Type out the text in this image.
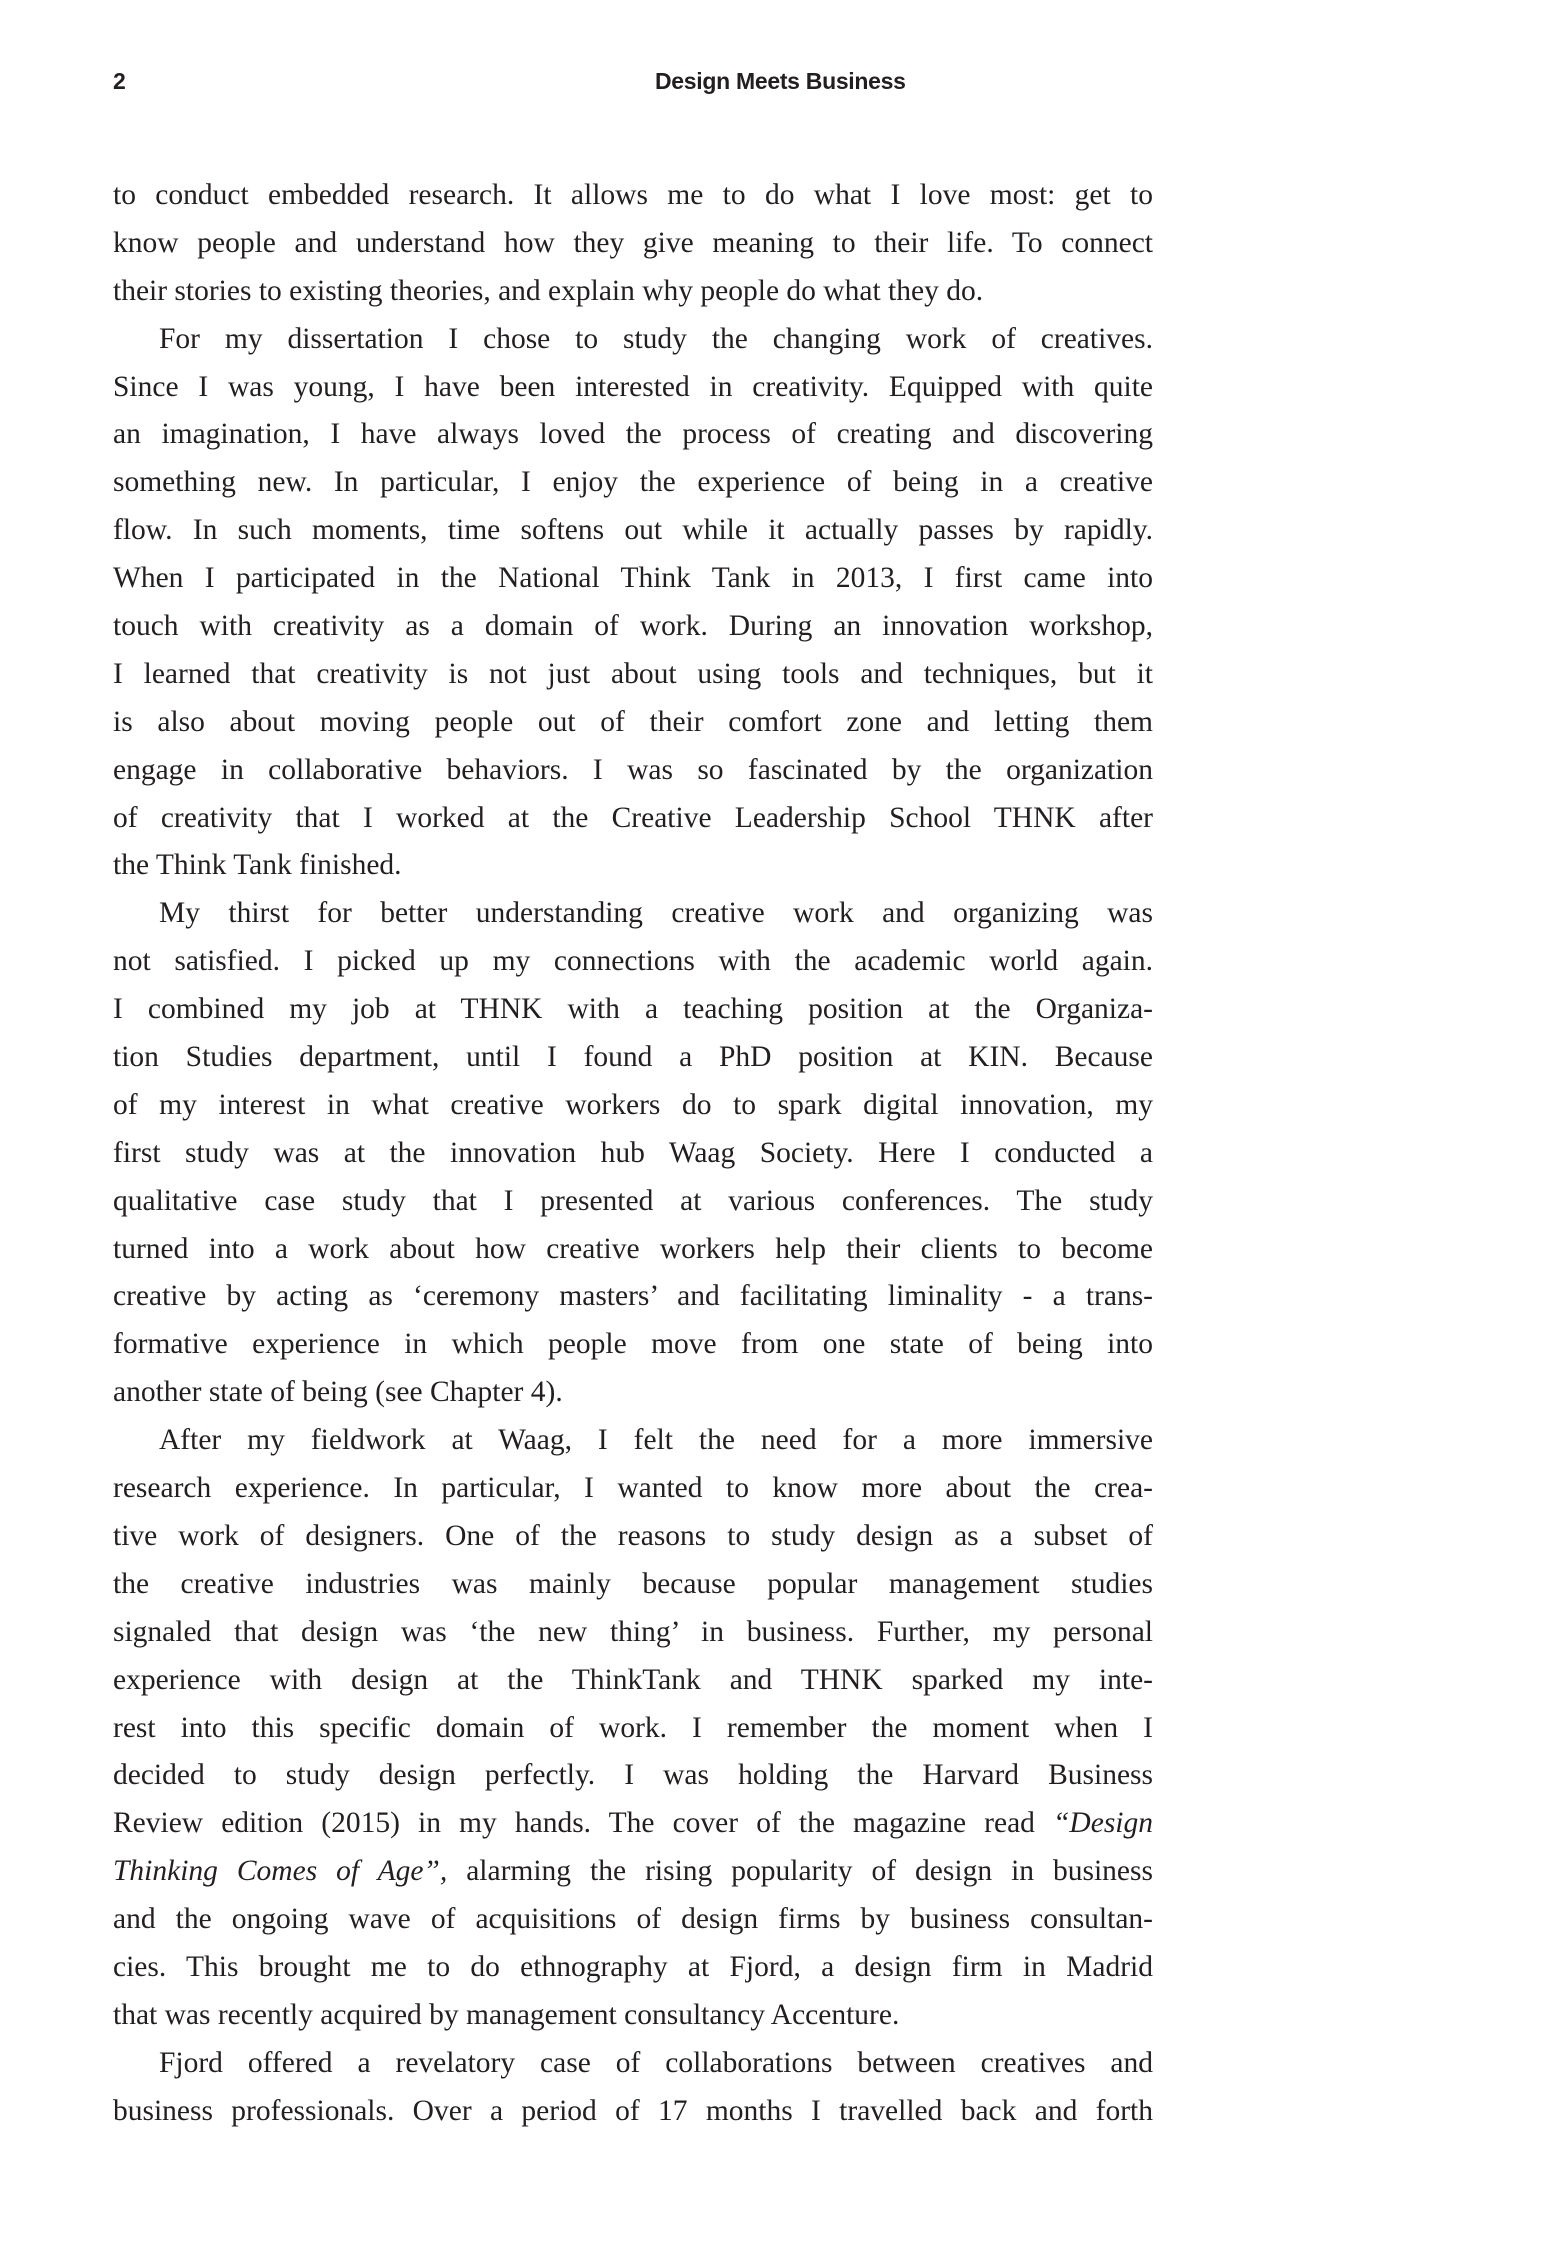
2	Design Meets Business
to conduct embedded research. It allows me to do what I love most: get to
know people and understand how they give meaning to their life. To connect
their stories to existing theories, and explain why people do what they do.
For my dissertation I chose to study the changing work of creatives.
Since I was young, I have been interested in creativity. Equipped with quite
an imagination, I have always loved the process of creating and discovering
something new. In particular, I enjoy the experience of being in a creative
flow. In such moments, time softens out while it actually passes by rapidly.
When I participated in the National Think Tank in 2013, I first came into
touch with creativity as a domain of work. During an innovation workshop,
I learned that creativity is not just about using tools and techniques, but it
is also about moving people out of their comfort zone and letting them
engage in collaborative behaviors. I was so fascinated by the organization
of creativity that I worked at the Creative Leadership School THNK after
the Think Tank finished.
My thirst for better understanding creative work and organizing was
not satisfied. I picked up my connections with the academic world again.
I combined my job at THNK with a teaching position at the Organiza-
tion Studies department, until I found a PhD position at KIN. Because
of my interest in what creative workers do to spark digital innovation, my
first study was at the innovation hub Waag Society. Here I conducted a
qualitative case study that I presented at various conferences. The study
turned into a work about how creative workers help their clients to become
creative by acting as ‘ceremony masters’ and facilitating liminality - a trans-
formative experience in which people move from one state of being into
another state of being (see Chapter 4).
After my fieldwork at Waag, I felt the need for a more immersive
research experience. In particular, I wanted to know more about the crea-
tive work of designers. One of the reasons to study design as a subset of
the creative industries was mainly because popular management studies
signaled that design was ‘the new thing’ in business. Further, my personal
experience with design at the ThinkTank and THNK sparked my inte-
rest into this specific domain of work. I remember the moment when I
decided to study design perfectly. I was holding the Harvard Business
Review edition (2015) in my hands. The cover of the magazine read “Design
Thinking Comes of Age”, alarming the rising popularity of design in business
and the ongoing wave of acquisitions of design firms by business consultan-
cies. This brought me to do ethnography at Fjord, a design firm in Madrid
that was recently acquired by management consultancy Accenture.
Fjord offered a revelatory case of collaborations between creatives and
business professionals. Over a period of 17 months I travelled back and forth
